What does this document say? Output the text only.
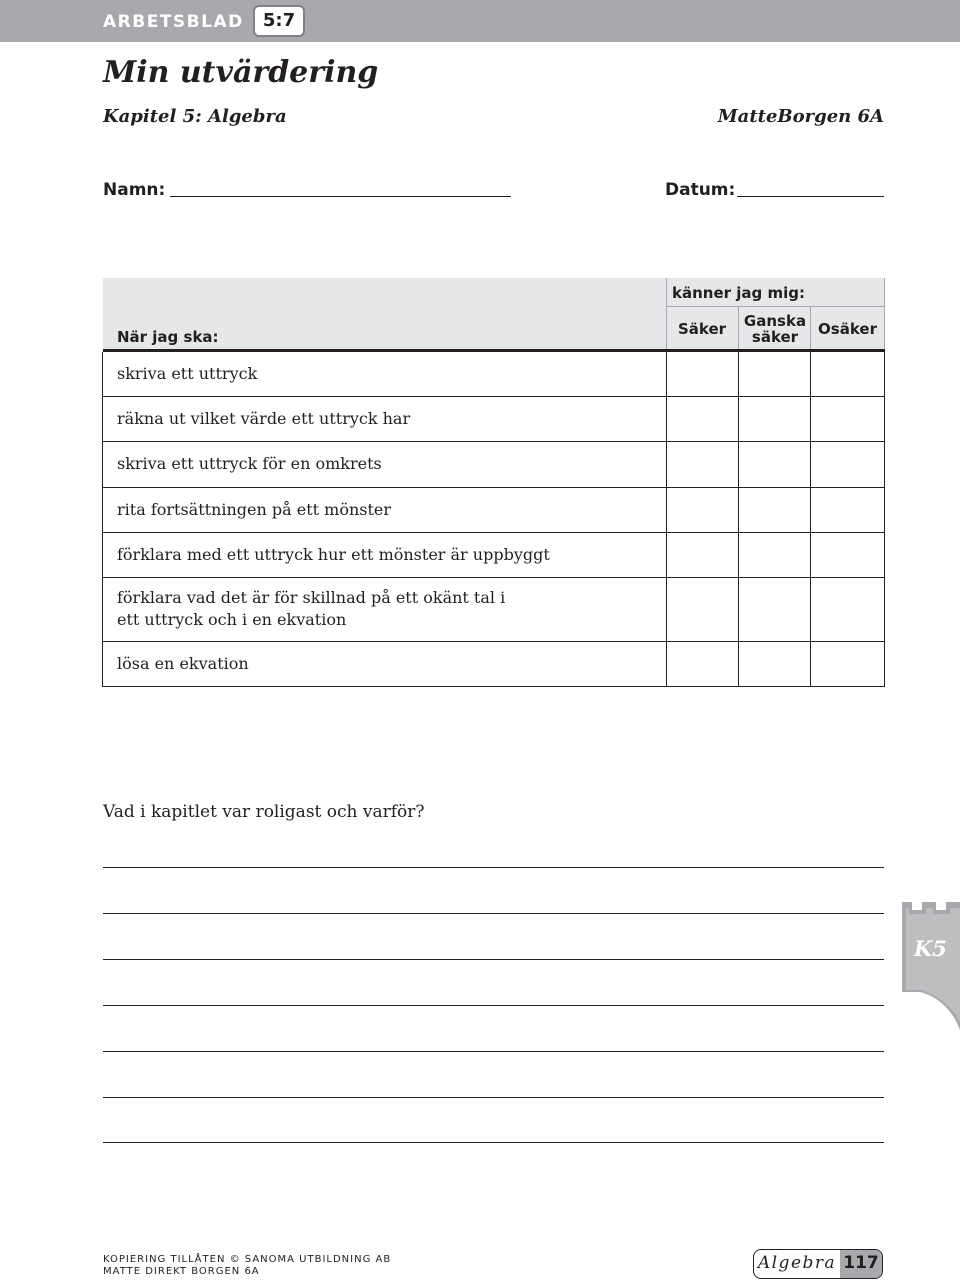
ARBETSBLAD	5:7
Min utvärdering
Kapitel 5: Algebra	MatteBorgen 6A
Namn:	Datum:
När jag ska:
känner jag mig:
Säker	Ganska säker	Osäker
skriva ett uttryck
räkna ut vilket värde ett uttryck har
skriva ett uttryck för en omkrets
rita fortsättningen på ett mönster
förklara med ett uttryck hur ett mönster är uppbyggt
förklara vad det är för skillnad på ett okänt tal i ett uttryck och i en ekvation
lösa en ekvation
Vad i kapitlet var roligast och varför?
K5
KOPIERING TILLÅTEN © SANOMA UTBILDNING AB
MATTE DIREKT BORGEN 6A	Algebra 117
